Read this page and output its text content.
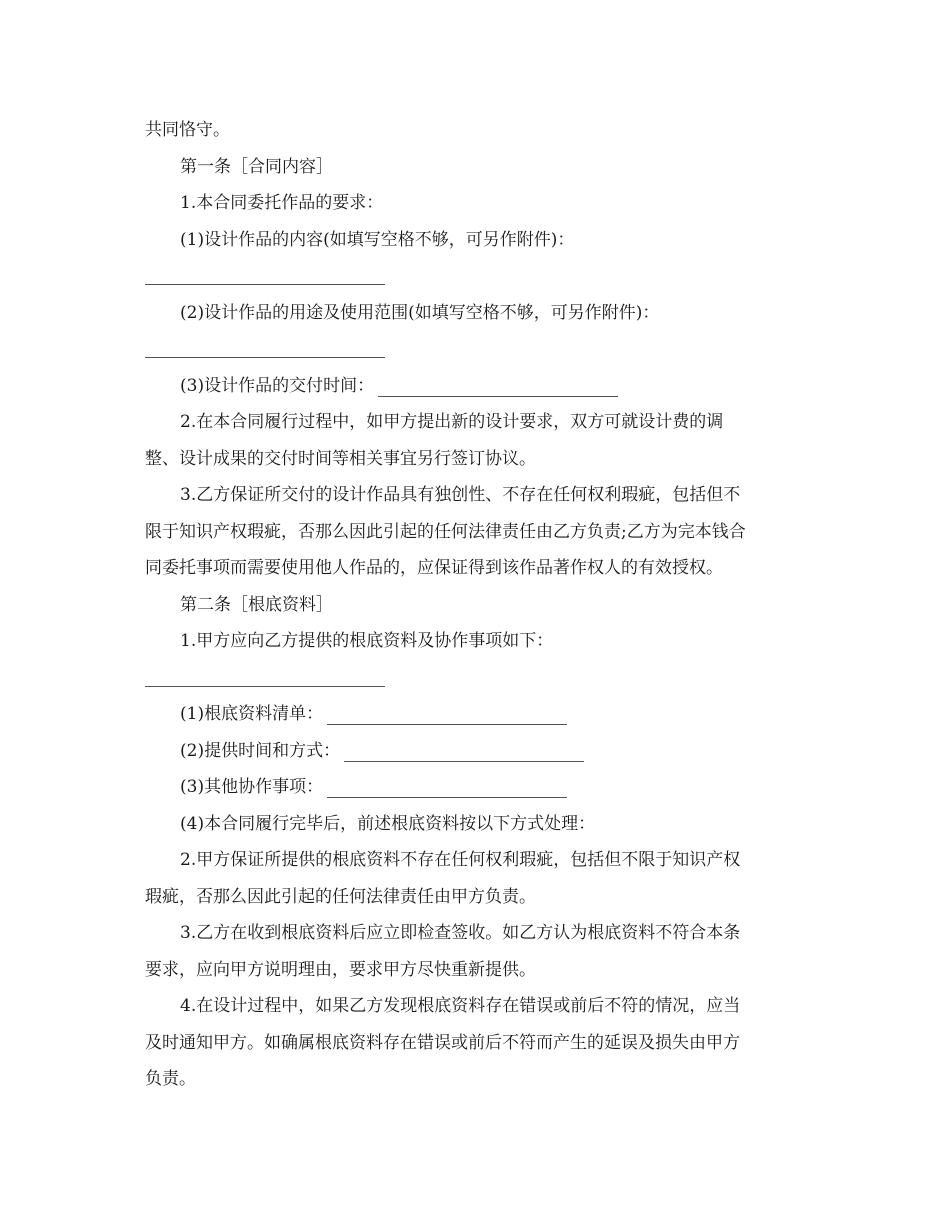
共同恪守。
第一条［合同内容］
1.本合同委托作品的要求：
(1)设计作品的内容(如填写空格不够，可另作附件)：
(2)设计作品的用途及使用范围(如填写空格不够，可另作附件)：
(3)设计作品的交付时间：
2.在本合同履行过程中，如甲方提出新的设计要求，双方可就设计费的调
整、设计成果的交付时间等相关事宜另行签订协议。
3.乙方保证所交付的设计作品具有独创性、不存在任何权利瑕疵，包括但不
限于知识产权瑕疵，否那么因此引起的任何法律责任由乙方负责;乙方为完本钱合
同委托事项而需要使用他人作品的，应保证得到该作品著作权人的有效授权。
第二条［根底资料］
1.甲方应向乙方提供的根底资料及协作事项如下：
(1)根底资料清单：
(2)提供时间和方式：
(3)其他协作事项：
(4)本合同履行完毕后，前述根底资料按以下方式处理：
2.甲方保证所提供的根底资料不存在任何权利瑕疵，包括但不限于知识产权
瑕疵，否那么因此引起的任何法律责任由甲方负责。
3.乙方在收到根底资料后应立即检查签收。如乙方认为根底资料不符合本条
要求，应向甲方说明理由，要求甲方尽快重新提供。
4.在设计过程中，如果乙方发现根底资料存在错误或前后不符的情况，应当
及时通知甲方。如确属根底资料存在错误或前后不符而产生的延误及损失由甲方
负责。
